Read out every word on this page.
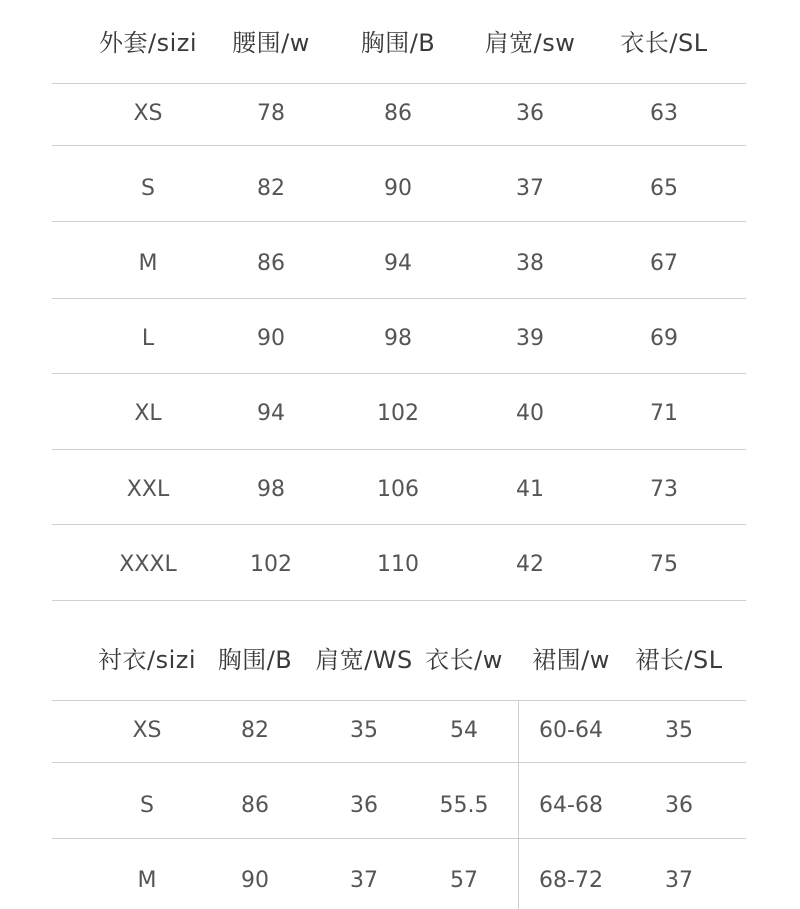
外套/sizi 腰围/w 胸围/B 肩宽/sw 衣长/SL
XS	78	86	36	63
S	82	90	37	65
M	86	94	38	67
L	90	98	39	69
XL	94	102	40	71
XXL	98	106	41	73
XXXL	102	110	42	75
衬衣/sizi 胸围/B 肩宽/WS 衣长/w 裙围/w 裙长/SL
XS	82	35	54	60-64	35
S	86	36	55.5 64-68	36
M	90	37	57	68-72	37
